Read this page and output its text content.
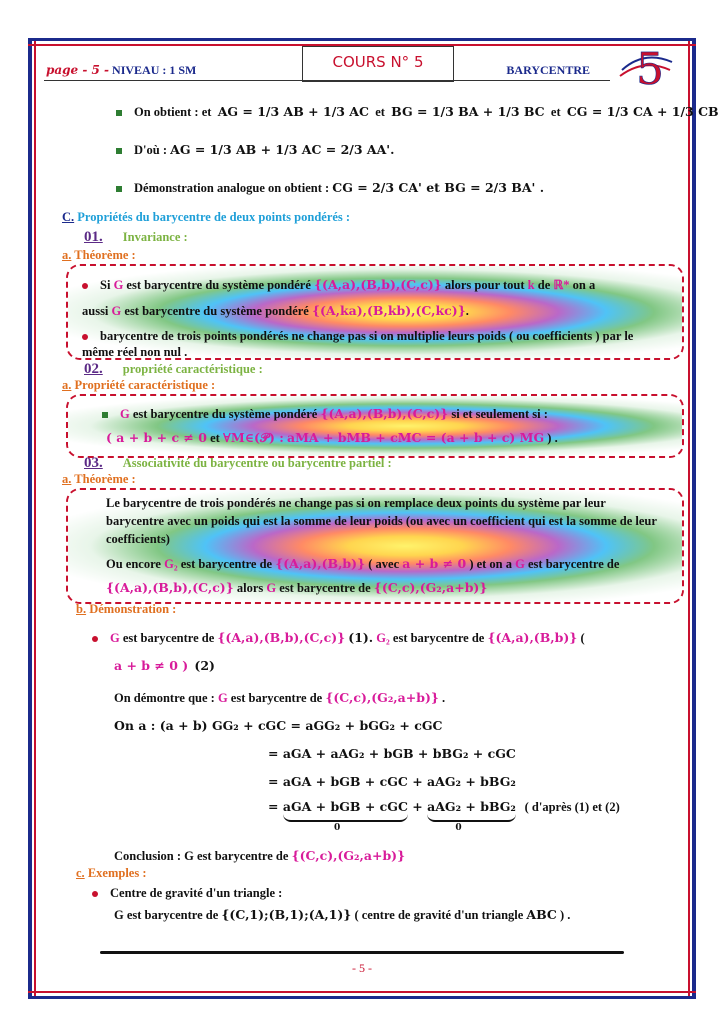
page - 5 - NIVEAU : 1 SM	COURS N° 5	BARYCENTRE 5
On obtient : et AG = 1/3 AB + 1/3 AC et BG = 1/3 BA + 1/3 BC et CG = 1/3 CA + 1/3 CB
D'où : AG = 1/3 AB + 1/3 AC = 2/3 AA'.
Démonstration analogue on obtient : CG = 2/3 CA' et BG = 2/3 BA' .
C. Propriétés du barycentre de deux points pondérés :
01. Invariance :
a. Théorème :
Si G est barycentre du système pondéré {(A,a),(B,b),(C,c)} alors pour tout k de ℝ* on a
aussi G est barycentre du système pondéré {(A,ka),(B,kb),(C,kc)}.
barycentre de trois points pondérés ne change pas si on multiplie leurs poids ( ou coefficients ) par le même réel non nul .
02. propriété caractéristique :
a. Propriété caractéristique :
G est barycentre du système pondéré {(A,a),(B,b),(C,c)} si et seulement si :
( a + b + c ≠ 0 et ∀M∈(𝒫) : aMA + bMB + cMC = (a + b + c) MG ) .
03. Associativité du barycentre ou barycentre partiel :
a. Théorème :
Le barycentre de trois pondérés ne change pas si on remplace deux points du système par leur barycentre avec un poids qui est la somme de leur poids (ou avec un coefficient qui est la somme de leur coefficients)
Ou encore G₂ est barycentre de {(A,a),(B,b)} ( avec a + b ≠ 0 ) et on a G est barycentre de
{(A,a),(B,b),(C,c)} alors G est barycentre de {(C,c),(G₂,a+b)}
b. Démonstration :
G est barycentre de {(A,a),(B,b),(C,c)} (1). G₂ est barycentre de {(A,a),(B,b)} (
a + b ≠ 0 ) (2)
On démontre que : G est barycentre de {(C,c),(G₂,a+b)} .
On a : (a + b) GG₂ + cGC = aGG₂ + bGG₂ + cGC
= aGA + aAG₂ + bGB + bBG₂ + cGC
= aGA + bGB + cGC + aAG₂ + bBG₂
= aGA + bGB + cGC + aAG₂ + bBG₂ ( d'après (1) et (2)
0	0
Conclusion : G est barycentre de {(C,c),(G₂,a+b)}
c. Exemples :
Centre de gravité d'un triangle :
G est barycentre de {(C,1);(B,1);(A,1)} ( centre de gravité d'un triangle ABC ) .
- 5 -
